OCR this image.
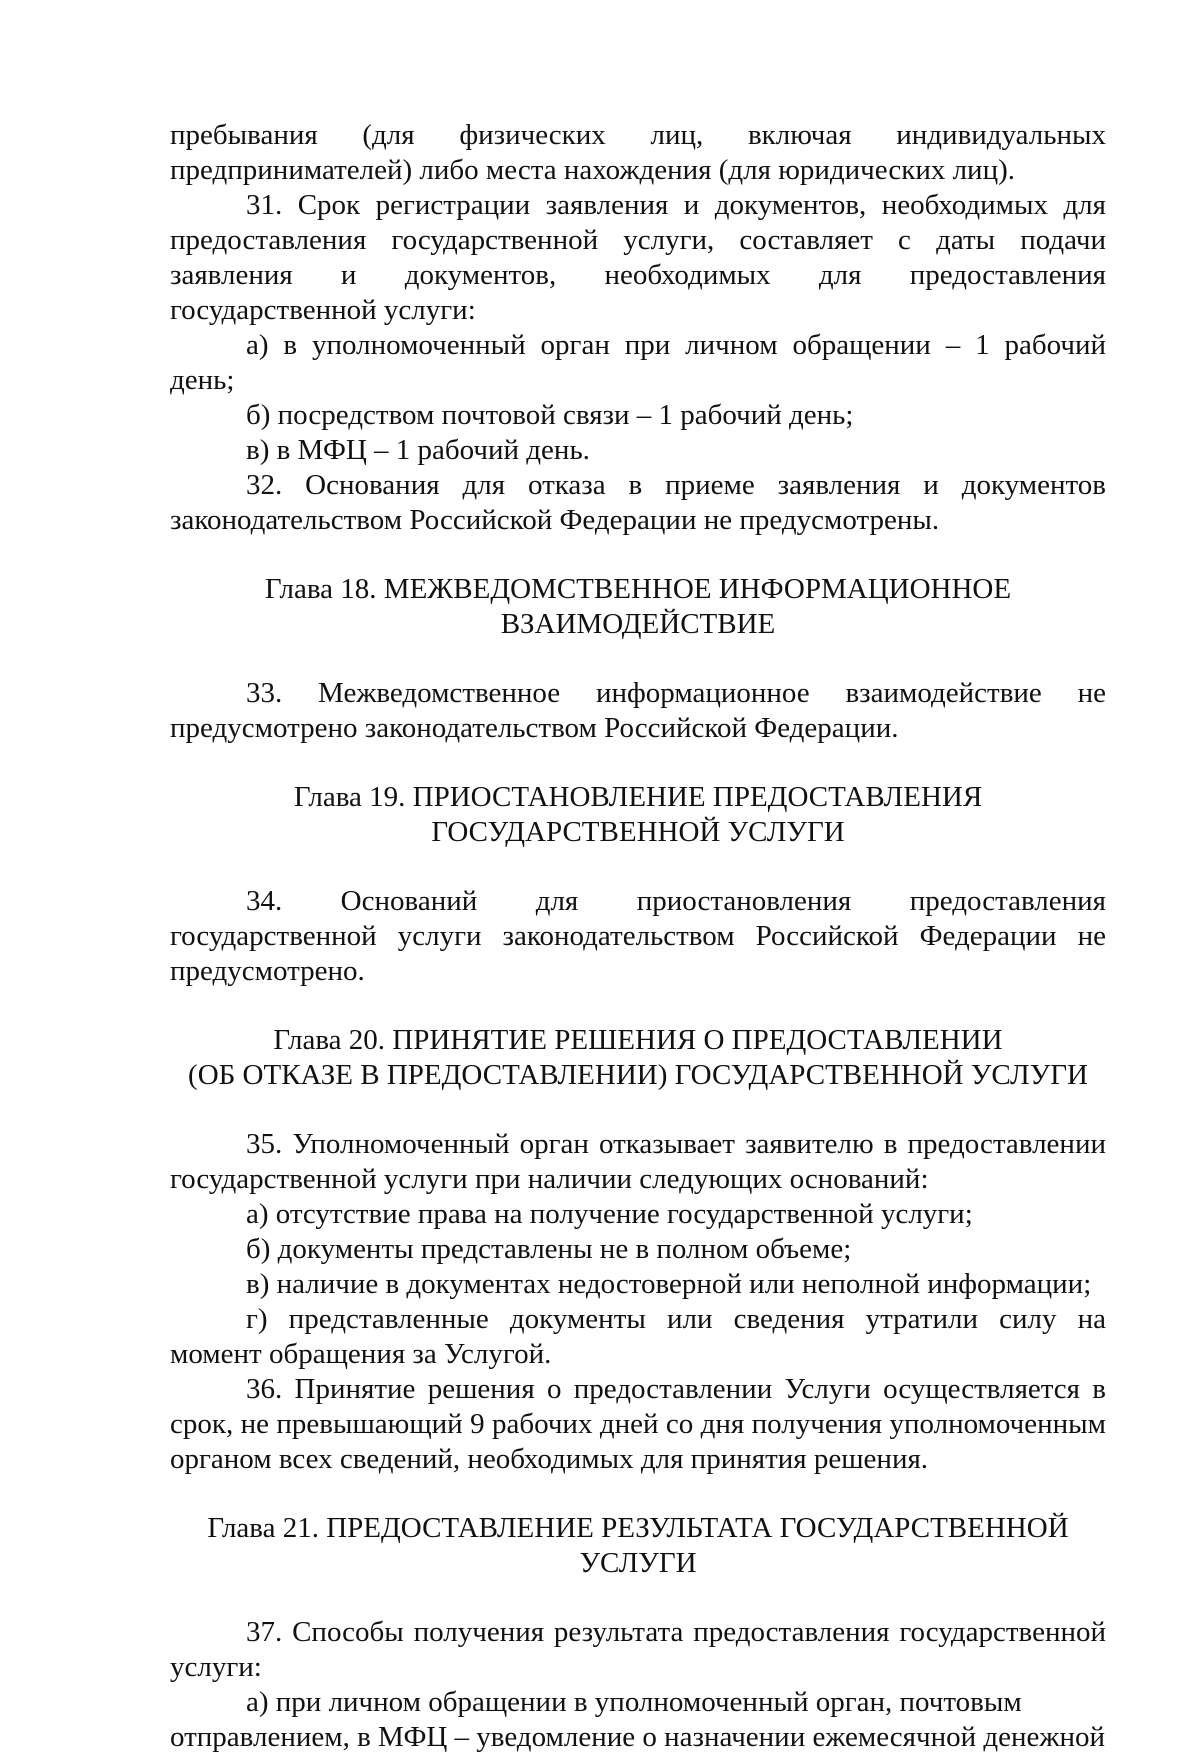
пребывания (для физических лиц, включая индивидуальных

предпринимателей) либо места нахождения (для юридических лиц).

31. Срок регистрации заявления и документов, необходимых для предоставления государственной услуги, составляет с даты подачи заявления и документов, необходимых для предоставления государственной услуги:

а) в уполномоченный орган при личном обращении – 1 рабочий день;

б) посредством почтовой связи – 1 рабочий день;

в) в МФЦ – 1 рабочий день.

32. Основания для отказа в приеме заявления и документов законодательством Российской Федерации не предусмотрены.

Глава 18. МЕЖВЕДОМСТВЕННОЕ ИНФОРМАЦИОННОЕ
ВЗАИМОДЕЙСТВИЕ

33. Межведомственное информационное взаимодействие не предусмотрено законодательством Российской Федерации.

Глава 19. ПРИОСТАНОВЛЕНИЕ ПРЕДОСТАВЛЕНИЯ
ГОСУДАРСТВЕННОЙ УСЛУГИ

34. Оснований для приостановления предоставления государственной услуги законодательством Российской Федерации не предусмотрено.

Глава 20. ПРИНЯТИЕ РЕШЕНИЯ О ПРЕДОСТАВЛЕНИИ
(ОБ ОТКАЗЕ В ПРЕДОСТАВЛЕНИИ) ГОСУДАРСТВЕННОЙ УСЛУГИ

35. Уполномоченный орган отказывает заявителю в предоставлении государственной услуги при наличии следующих оснований:

а) отсутствие права на получение государственной услуги;

б) документы представлены не в полном объеме;

в) наличие в документах недостоверной или неполной информации;

г) представленные документы или сведения утратили силу на момент обращения за Услугой.

36. Принятие решения о предоставлении Услуги осуществляется в срок, не превышающий 9 рабочих дней со дня получения уполномоченным органом всех сведений, необходимых для принятия решения.

Глава 21. ПРЕДОСТАВЛЕНИЕ РЕЗУЛЬТАТА ГОСУДАРСТВЕННОЙ
УСЛУГИ

37. Способы получения результата предоставления государственной услуги:

а) при личном обращении в уполномоченный орган, почтовым

отправлением, в МФЦ – уведомление о назначении ежемесячной денежной
